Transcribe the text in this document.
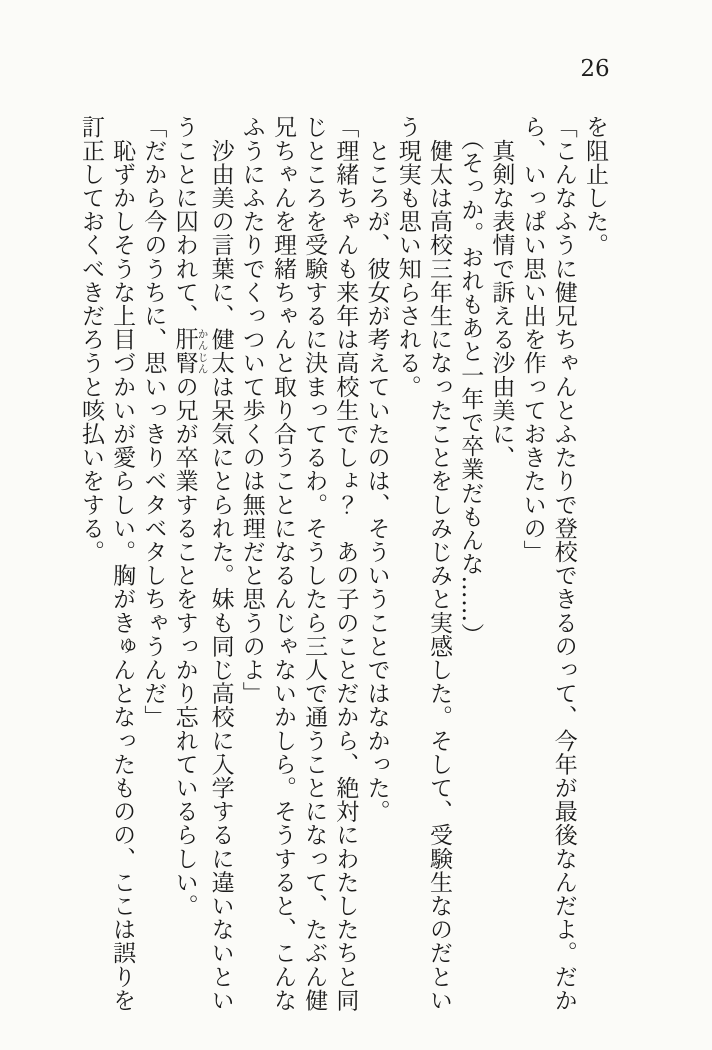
26

を阻止した。

「こんなふうに健兄ちゃんとふたりで登校できるのって、今年が最後なんだよ。だから、いっぱい思い出を作っておきたいの」

　真剣な表情で訴える沙由美に、

　（そっか。おれもあと一年で卒業だもんな……）

　健太は高校三年生になったことをしみじみと実感した。そして、受験生なのだという現実も思い知らされる。

　ところが、彼女が考えていたのは、そういうことではなかった。

「理緒ちゃんも来年は高校生でしょ？　あの子のことだから、絶対にわたしたちと同じところを受験するに決まってるわ。そうしたら三人で通うことになって、たぶん健兄ちゃんを理緒ちゃんと取り合うことになるんじゃないかしら。そうすると、こんなふうにふたりでくっついて歩くのは無理だと思うのよ」

　沙由美の言葉に、健太は呆気にとられた。妹も同じ高校に入学するに違いないということに囚われて、肝腎 かんじんの兄が卒業することをすっかり忘れているらしい。

「だから今のうちに、思いっきりベタベタしちゃうんだ」

　恥ずかしそうな上目づかいが愛らしい。胸がきゅんとなったものの、ここは誤りを訂正しておくべきだろうと咳払いをする。
